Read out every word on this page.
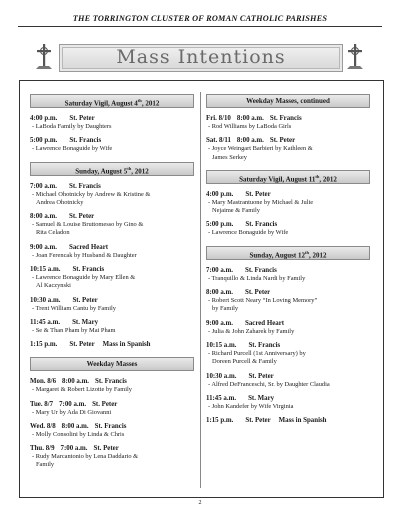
THE TORRINGTON CLUSTER OF ROMAN CATHOLIC PARISHES
Mass Intentions
Saturday Vigil, August 4th, 2012
4:00 p.m. St. Peter
- LaBoda Family by Daughters
5:00 p.m. St. Francis
- Lawrence Bonaguide by Wife
Sunday, August 5th, 2012
7:00 a.m. St. Francis
- Michael Ohotnicky by Andrew & Kristine &
Andrea Ohotnicky
8:00 a.m. St. Peter
- Samuel & Louise Bruttomesso by Gino &
Rita Celadon
9:00 a.m. Sacred Heart
- Joan Ferencak by Husband & Daughter
10:15 a.m. St. Francis
- Lawrence Bonaguide by Mary Ellen &
Al Kaczynski
10:30 a.m. St. Peter
- Trent William Cantu by Family
11:45 a.m. St. Mary
- Se & Than Pham by Mai Pham
1:15 p.m. St. Peter Mass in Spanish
Weekday Masses
Mon. 8/6 8:00 a.m. St. Francis
- Margaret & Robert Lizotte by Family
Tue. 8/7 7:00 a.m. St. Peter
- Mary Ur by Ada Di Giovanni
Wed. 8/8 8:00 a.m. St. Francis
- Molly Consolini by Linda & Chris
Thu. 8/9 7:00 a.m. St. Peter
- Rudy Marcantonio by Lena Daddario &
Family
Weekday Masses, continued
Fri. 8/10 8:00 a.m. St. Francis
- Rod Williams by LaBoda Girls
Sat. 8/11 8:00 a.m. St. Peter
- Joyce Weingart Barbieri by Kathleen &
James Serkey
Saturday Vigil, August 11th, 2012
4:00 p.m. St. Peter
- Mary Mastrantuone by Michael & Julie
Nejaime & Family
5:00 p.m. St. Francis
- Lawrence Bonaguide by Wife
Sunday, August 12th, 2012
7:00 a.m. St. Francis
- Tranquillo & Linda Nardi by Family
8:00 a.m. St. Peter
- Robert Scott Neary “In Loving Memory”
by Family
9:00 a.m. Sacred Heart
- Julia & John Zaharek by Family
10:15 a.m. St. Francis
- Richard Purcell (1st Anniversary) by
Doreen Purcell & Family
10:30 a.m. St. Peter
- Alfred DeFranceschi, Sr. by Daughter Claudia
11:45 a.m. St. Mary
- John Kandefer by Wife Virginia
1:15 p.m. St. Peter Mass in Spanish
2
